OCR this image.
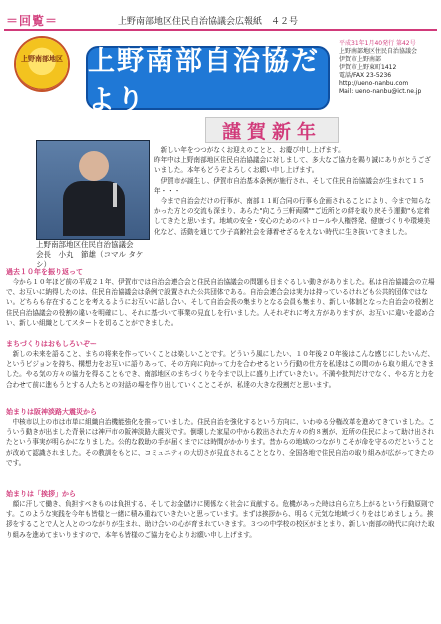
＝回覧＝	上野南部地区住民自治協議会広報紙　４２号
上野南部地区 上野南部自治協だより
平成31年1月40発行 第42号
上野南部地区住民自治協議会
伊賀市上野南部
伊賀市上野東町1412
電話/FAX 23-5236
http://ueno-nanbu.com
Mail: ueno-nanbu@ict.ne.jp
謹賀新年
上野南部地区住民自治協議会
会長　小丸　節雄（コマル タケシ）
　新しい年をつつがなくお迎えのことと、お慶び申し上げます。
昨年中は上野南部地区住民自治協議会に対しまして、多大なご協力を賜り誠にありがとうございました。本年もどうぞよろしくお願い申し上げます。
　伊賀市が誕生し、伊賀市自治基本条例が施行され、そして住民自治協議会が生まれて１５年・・・
　今まで自治会だけの行事が、南部１１町合同の行事も企画されることにより、今まで知らなかった方との交流も深まり、あらた"向こう三軒両隣""ご近所との絆を取り戻そう運動"も定着してきたと思います。地域の安全・安心のためのパトロールや人権啓発、健康づくりや環境美化など、活動を通じて少子高齢社会を薄着せざるをえない時代に生き抜いてきました。
過去１０年を振り返って
　今から１０年ほど前の平成２１年、伊賀市では自治会連合会と住民自治協議会の問題も目まぐるしい動きがありました。私は自治協議会の立場で、お互いに納得したのは、住民自治協議会は条例で設置された公共団体である。自治会連合会は実力は持っているけれども公共的団体ではない。どちらも存在することを考えるようにお互いに話し合い、そして自治会長の集まりとなる会員も集まり、新しい体制となった自治会の役割と住民自治協議会の役割の違いを明確にし、それに基づいて事業の見直しを行いました。人それぞれに考え方がありますが、お互いに違いを認め合い、新しい組織としてスタートを切ることができました。
まちづくりはおもしろいぞー
　新しの未来を語ること、まちの将来を作っていくことは楽しいことです。どういう風にしたい、１０年後２０年後はこんな感じにしたいんだ、というビジョンを持ち、構想力をお互いに語りあって、その方向に向かって力を合わせるという行動の仕方を私達はこの間のから取り組んできました。やる気の方々の協力を得ることもでき、南部地区のまちづくりを今まで以上に盛り上げていきたい。不満や批判だけでなく、やる方と力を合わせて前に進もうとする人たちとの対話の場を作り出していくことこそが、私達の大きな役割だと思います。
始まりは阪神淡路大震災から
　中核市以上の市は市単に組織自治機能強化を推っていました。住民自治を強化するという方向に、いわゆる分権改革を進めてきていました。こういう動きが出ました背景には神戸市の阪神淡路大震災です。倒壊した家屋の中から救出された方々の約８割が、近所の住民によって助け出されたという事実が明らかになりました。公的な救助の手が届くまでには時間がかかります。昔からの地域のつながりこそが命を守るのだということが改めて認識されました。その教訓をもとに、コミュニティの大切さが見直されることとなり、全国各地で住民自治の取り組みが広がってきたのです。
始まりは「挨拶」から
　顔に汗して働き、負担すべきものは負担する、そしてお金儲けに関係なく社会に貢献する。危機があった時は自ら立ち上がるという行動原則です。このような実践を今年も皆様と一緒に積み重ねていきたいと思っています。まずは挨拶から、明るく元気な地域づくりをはじめましょう。挨拶をすることで人と人とのつながりが生まれ、助け合いの心が育まれていきます。３つの中学校の校区がまとまり、新しい南部の時代に向けた取り組みを進めてまいりますので、本年も皆様のご協力を心よりお願い申し上げます。
